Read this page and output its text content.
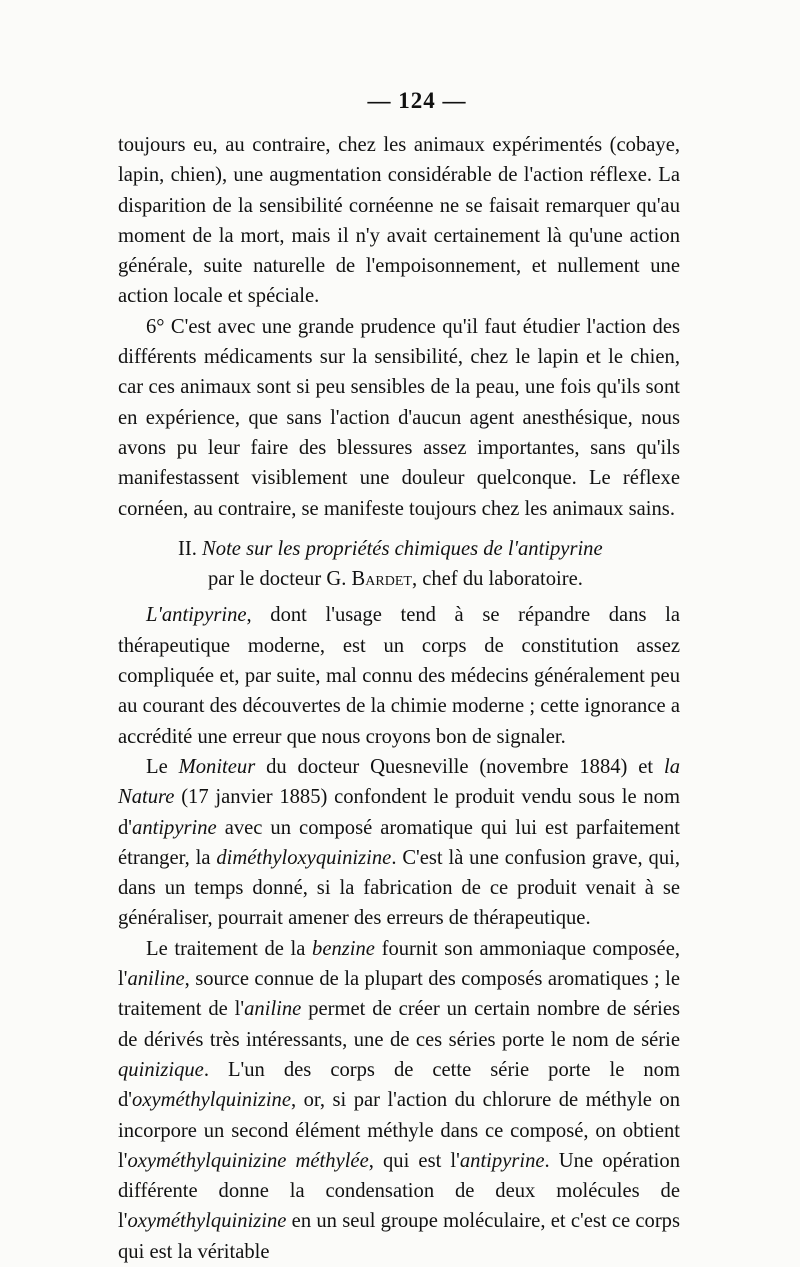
— 124 —

toujours eu, au contraire, chez les animaux expérimentés (cobaye, lapin, chien), une augmentation considérable de l'action réflexe. La disparition de la sensibilité cornéenne ne se faisait remarquer qu'au moment de la mort, mais il n'y avait certainement là qu'une action générale, suite naturelle de l'empoisonnement, et nullement une action locale et spéciale.

6° C'est avec une grande prudence qu'il faut étudier l'action des différents médicaments sur la sensibilité, chez le lapin et le chien, car ces animaux sont si peu sensibles de la peau, une fois qu'ils sont en expérience, que sans l'action d'aucun agent anesthésique, nous avons pu leur faire des blessures assez importantes, sans qu'ils manifestassent visiblement une douleur quelconque. Le réflexe cornéen, au contraire, se manifeste toujours chez les animaux sains.

II. Note sur les propriétés chimiques de l'antipyrine
par le docteur G. Bardet, chef du laboratoire.

L'antipyrine, dont l'usage tend à se répandre dans la thérapeutique moderne, est un corps de constitution assez compliquée et, par suite, mal connu des médecins généralement peu au courant des découvertes de la chimie moderne ; cette ignorance a accrédité une erreur que nous croyons bon de signaler.

Le Moniteur du docteur Quesneville (novembre 1884) et la Nature (17 janvier 1885) confondent le produit vendu sous le nom d'antipyrine avec un composé aromatique qui lui est parfaitement étranger, la diméthyloxyquinizine. C'est là une confusion grave, qui, dans un temps donné, si la fabrication de ce produit venait à se généraliser, pourrait amener des erreurs de thérapeutique.

Le traitement de la benzine fournit son ammoniaque composée, l'aniline, source connue de la plupart des composés aromatiques ; le traitement de l'aniline permet de créer un certain nombre de séries de dérivés très intéressants, une de ces séries porte le nom de série quinizique. L'un des corps de cette série porte le nom d'oxyméthylquinizine, or, si par l'action du chlorure de méthyle on incorpore un second élément méthyle dans ce composé, on obtient l'oxyméthylquinizine méthylée, qui est l'antipyrine. Une opération différente donne la condensation de deux molécules de l'oxyméthylquinizine en un seul groupe moléculaire, et c'est ce corps qui est la véritable
